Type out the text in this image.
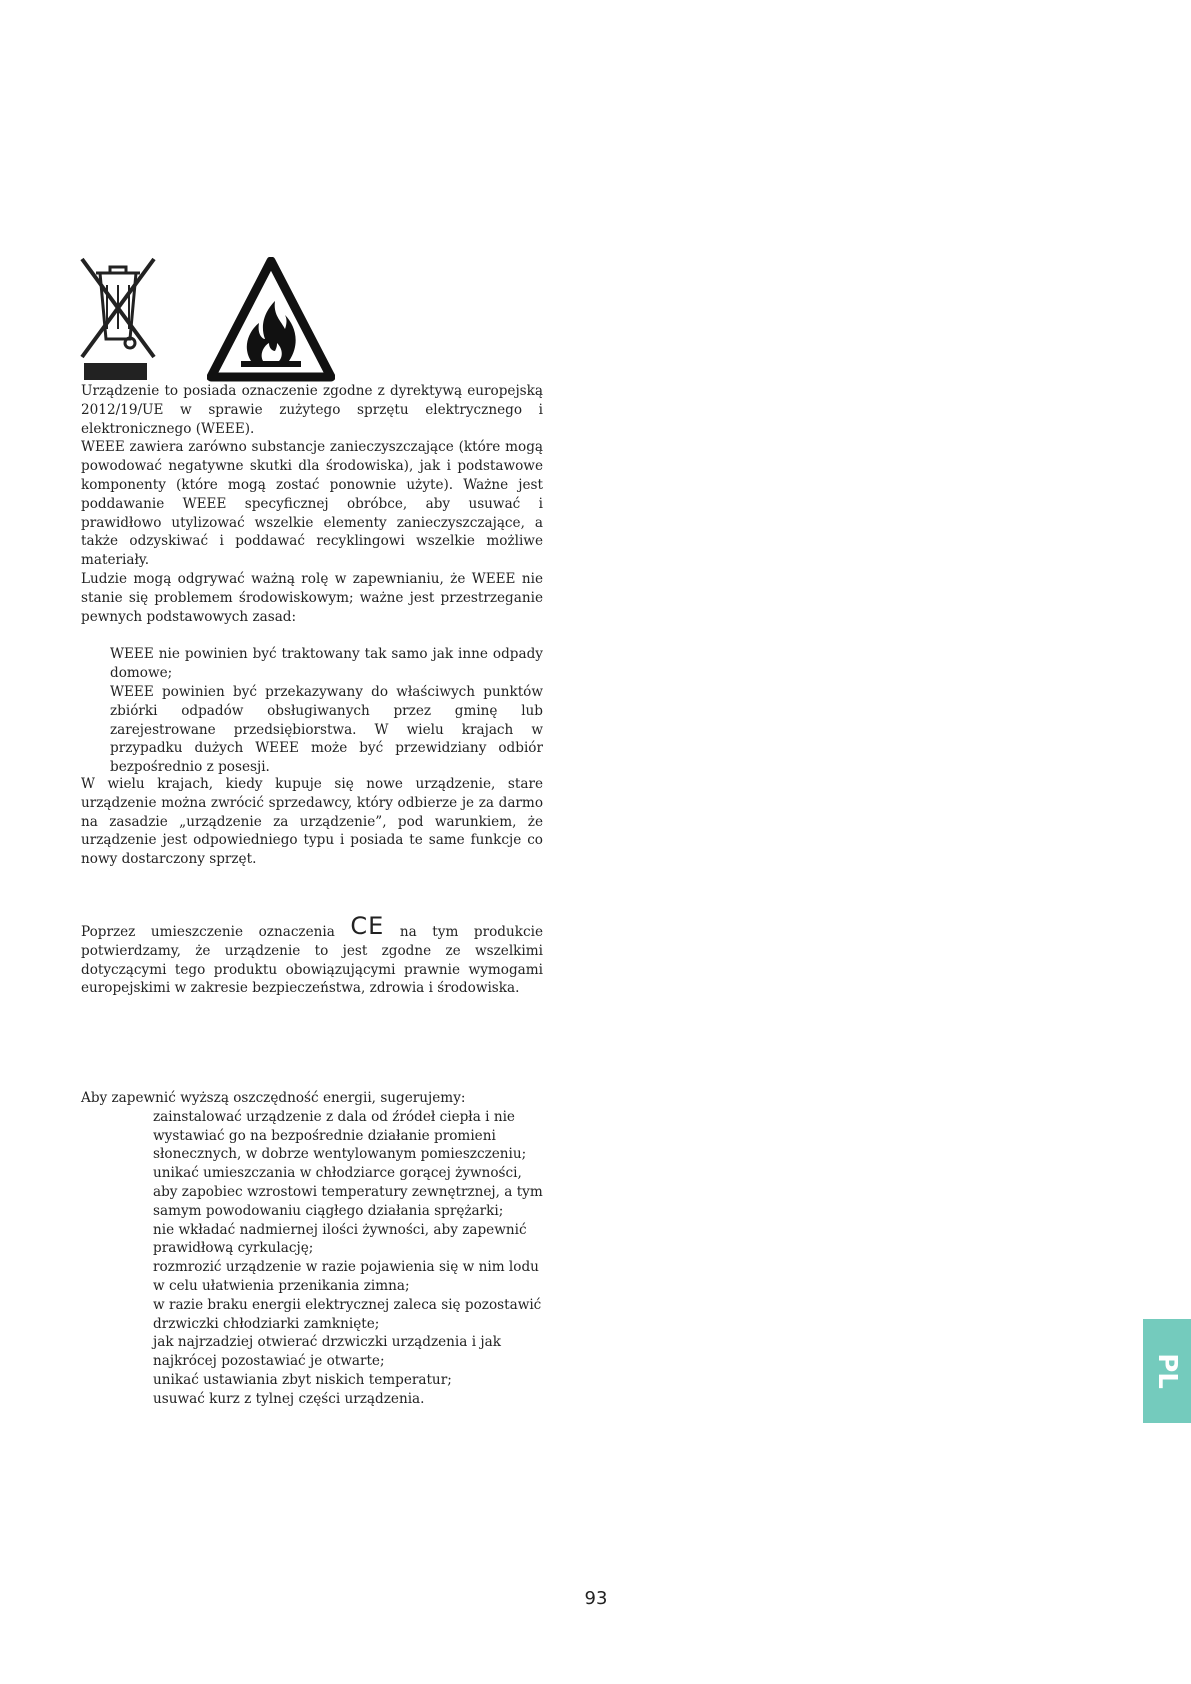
Urządzenie to posiada oznaczenie zgodne z dyrektywą europejską 2012/19/UE w sprawie zużytego sprzętu elektrycznego i elektronicznego (WEEE).

WEEE zawiera zarówno substancje zanieczyszczające (które mogą powodować negatywne skutki dla środowiska), jak i podstawowe komponenty (które mogą zostać ponownie użyte). Ważne jest poddawanie WEEE specyficznej obróbce, aby usuwać i prawidłowo utylizować wszelkie elementy zanieczyszczające, a także odzyskiwać i poddawać recyklingowi wszelkie możliwe materiały.

Ludzie mogą odgrywać ważną rolę w zapewnianiu, że WEEE nie stanie się problemem środowiskowym; ważne jest przestrzeganie pewnych podstawowych zasad:

WEEE nie powinien być traktowany tak samo jak inne odpady domowe;
WEEE powinien być przekazywany do właściwych punktów zbiórki odpadów obsługiwanych przez gminę lub zarejestrowane przedsiębiorstwa. W wielu krajach w przypadku dużych WEEE może być przewidziany odbiór bezpośrednio z posesji.

W wielu krajach, kiedy kupuje się nowe urządzenie, stare urządzenie można zwrócić sprzedawcy, który odbierze je za darmo na zasadzie „urządzenie za urządzenie”, pod warunkiem, że urządzenie jest odpowiedniego typu i posiada te same funkcje co nowy dostarczony sprzęt.

Poprzez umieszczenie oznaczenia CE na tym produkcie potwierdzamy, że urządzenie to jest zgodne ze wszelkimi dotyczącymi tego produktu obowiązującymi prawnie wymogami europejskimi w zakresie bezpieczeństwa, zdrowia i środowiska.

Aby zapewnić wyższą oszczędność energii, sugerujemy:

zainstalować urządzenie z dala od źródeł ciepła i nie wystawiać go na bezpośrednie działanie promieni słonecznych, w dobrze wentylowanym pomieszczeniu;
unikać umieszczania w chłodziarce gorącej żywności, aby zapobiec wzrostowi temperatury zewnętrznej, a tym samym powodowaniu ciągłego działania sprężarki;
nie wkładać nadmiernej ilości żywności, aby zapewnić prawidłową cyrkulację;
rozmrozić urządzenie w razie pojawienia się w nim lodu w celu ułatwienia przenikania zimna;
w razie braku energii elektrycznej zaleca się pozostawić drzwiczki chłodziarki zamknięte;
jak najrzadziej otwierać drzwiczki urządzenia i jak najkrócej pozostawiać je otwarte;
unikać ustawiania zbyt niskich temperatur;
usuwać kurz z tylnej części urządzenia.
PL
93
